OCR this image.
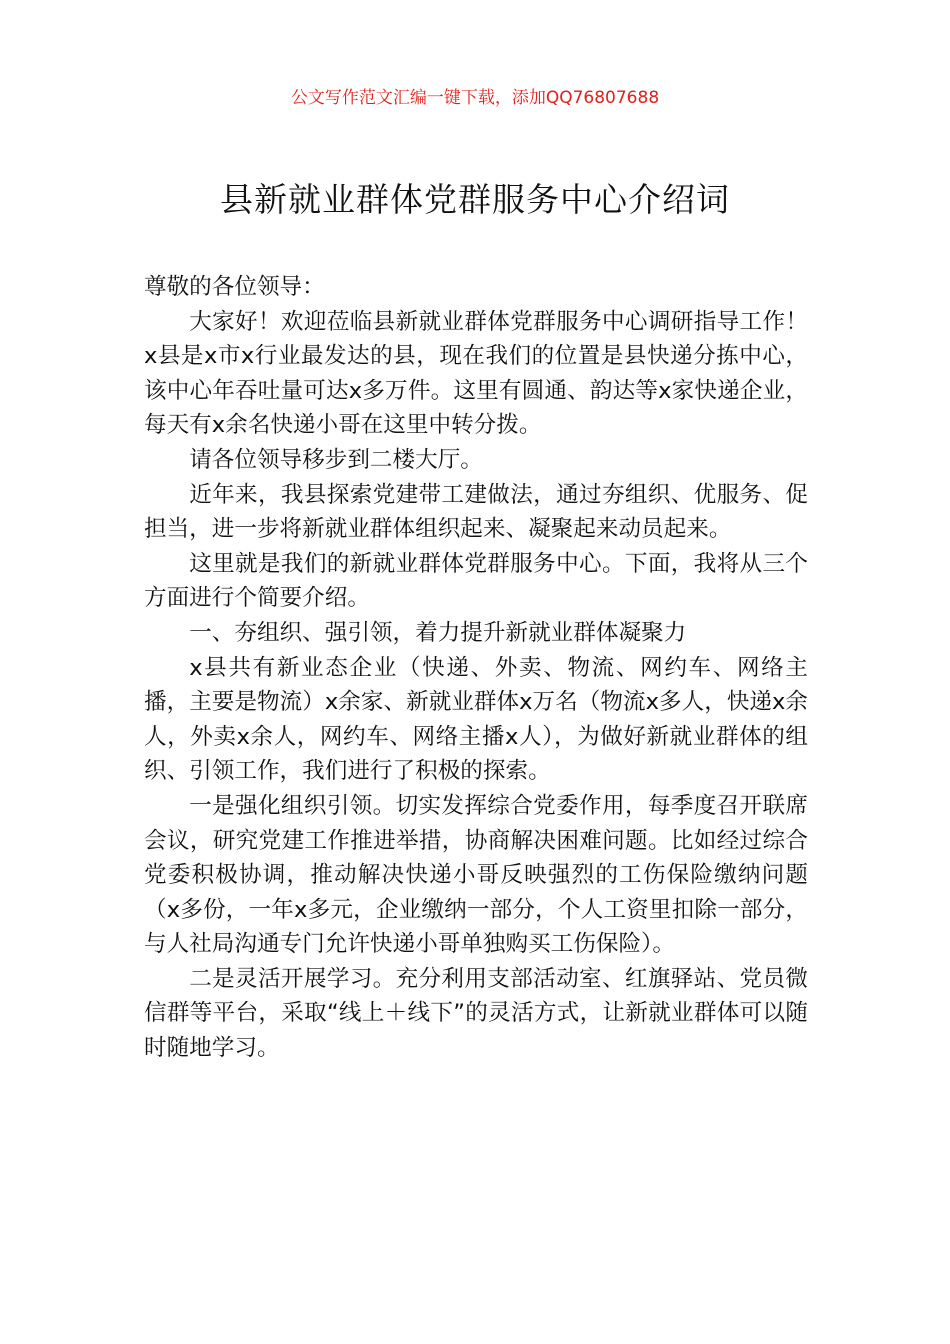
公文写作范文汇编一键下载，添加QQ76807688
县新就业群体党群服务中心介绍词

尊敬的各位领导：

大家好！欢迎莅临县新就业群体党群服务中心调研指导工作！x县是x市x行业最发达的县，现在我们的位置是县快递分拣中心，该中心年吞吐量可达x多万件。这里有圆通、韵达等x家快递企业，每天有x余名快递小哥在这里中转分拨。

请各位领导移步到二楼大厅。

近年来，我县探索党建带工建做法，通过夯组织、优服务、促担当，进一步将新就业群体组织起来、凝聚起来动员起来。

这里就是我们的新就业群体党群服务中心。下面，我将从三个方面进行个简要介绍。

一、夯组织、强引领，着力提升新就业群体凝聚力

x县共有新业态企业（快递、外卖、物流、网约车、网络主播，主要是物流）x余家、新就业群体x万名（物流x多人，快递x余人，外卖x余人，网约车、网络主播x人），为做好新就业群体的组织、引领工作，我们进行了积极的探索。

一是强化组织引领。切实发挥综合党委作用，每季度召开联席会议，研究党建工作推进举措，协商解决困难问题。比如经过综合党委积极协调，推动解决快递小哥反映强烈的工伤保险缴纳问题（x多份，一年x多元，企业缴纳一部分，个人工资里扣除一部分，与人社局沟通专门允许快递小哥单独购买工伤保险）。

二是灵活开展学习。充分利用支部活动室、红旗驿站、党员微信群等平台，采取“线上＋线下”的灵活方式，让新就业群体可以随时随地学习。
